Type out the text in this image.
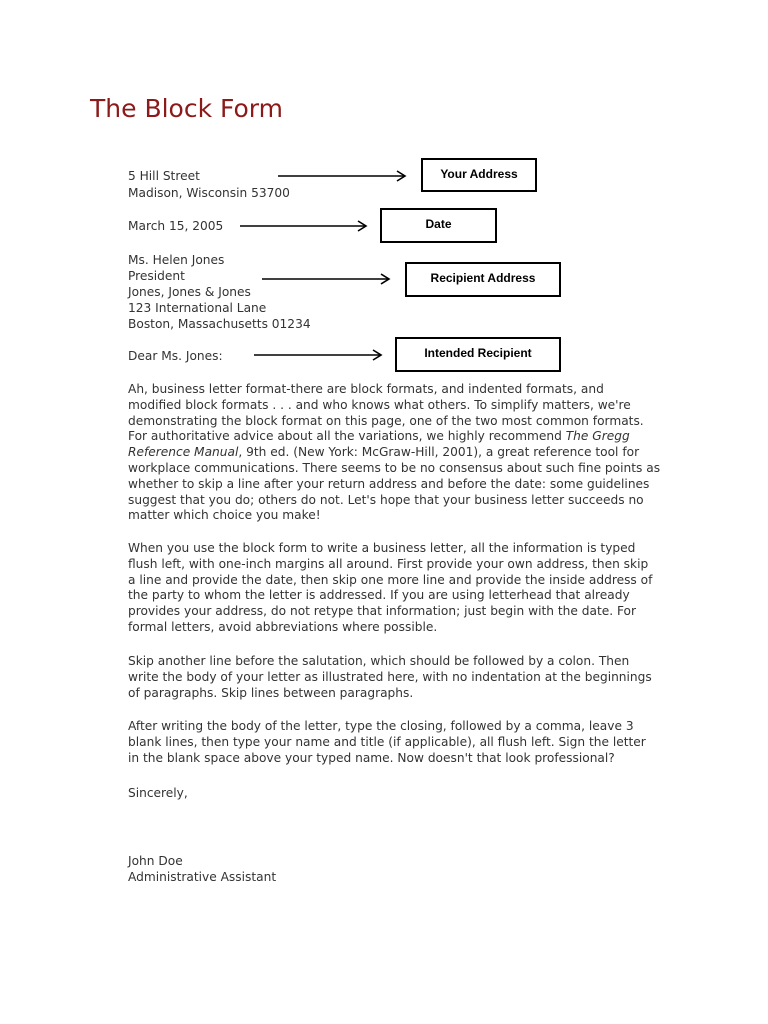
The Block Form
5 Hill Street
Madison, Wisconsin 53700
Your Address
March 15, 2005	Date
Ms. Helen Jones
President
Jones, Jones & Jones
123 International Lane
Boston, Massachusetts 01234
Recipient Address
Dear Ms. Jones:	Intended Recipient

Ah, business letter format-there are block formats, and indented formats, and
modified block formats . . . and who knows what others. To simplify matters, we're
demonstrating the block format on this page, one of the two most common formats.
For authoritative advice about all the variations, we highly recommend The Gregg
Reference Manual, 9th ed. (New York: McGraw-Hill, 2001), a great reference tool for
workplace communications. There seems to be no consensus about such fine points as
whether to skip a line after your return address and before the date: some guidelines
suggest that you do; others do not. Let's hope that your business letter succeeds no
matter which choice you make!

When you use the block form to write a business letter, all the information is typed
flush left, with one-inch margins all around. First provide your own address, then skip
a line and provide the date, then skip one more line and provide the inside address of
the party to whom the letter is addressed. If you are using letterhead that already
provides your address, do not retype that information; just begin with the date. For
formal letters, avoid abbreviations where possible.

Skip another line before the salutation, which should be followed by a colon. Then
write the body of your letter as illustrated here, with no indentation at the beginnings
of paragraphs. Skip lines between paragraphs.

After writing the body of the letter, type the closing, followed by a comma, leave 3
blank lines, then type your name and title (if applicable), all flush left. Sign the letter
in the blank space above your typed name. Now doesn't that look professional?

Sincerely,
John Doe
Administrative Assistant
